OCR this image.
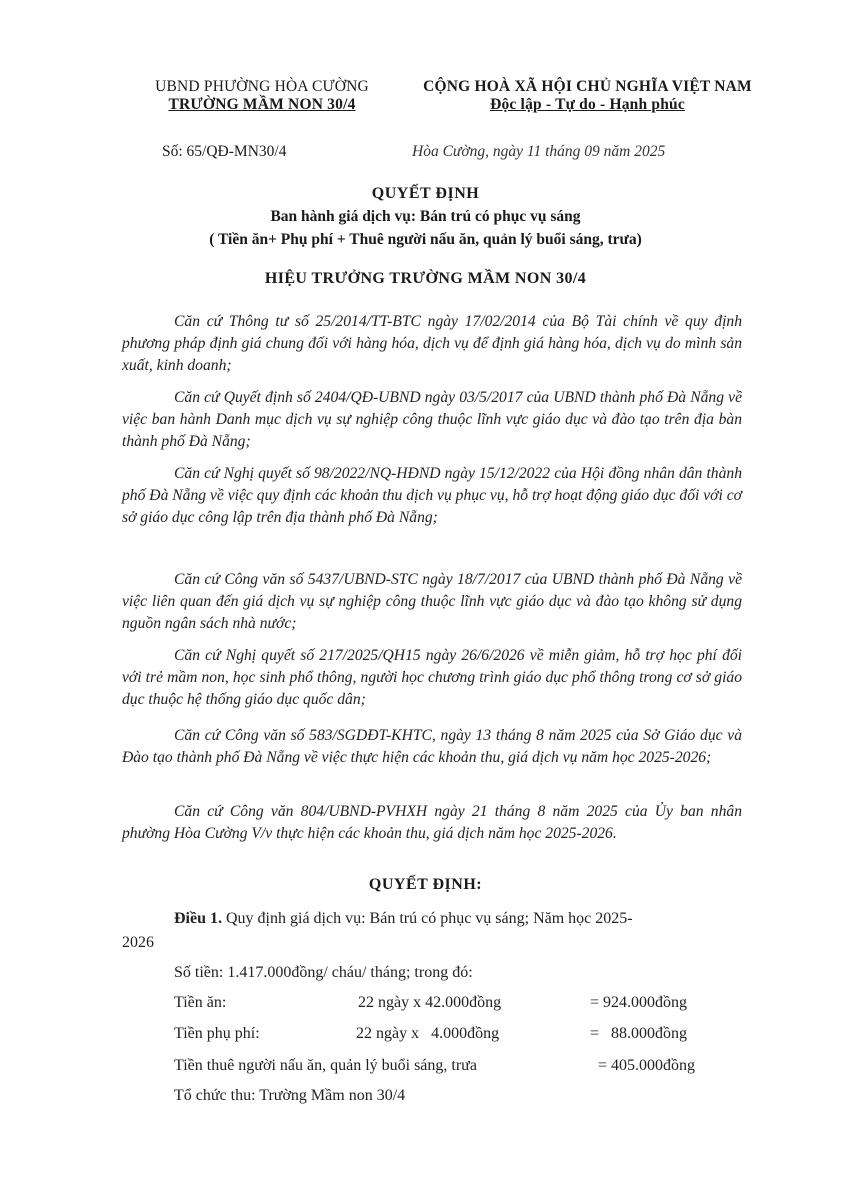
UBND PHƯỜNG HÒA CƯỜNG
TRƯỜNG MẦM NON 30/4
CỘNG HOÀ XÃ HỘI CHỦ NGHĨA VIỆT NAM
Độc lập - Tự do - Hạnh phúc
Số: 65/QĐ-MN30/4	Hòa Cường, ngày 11 tháng 09 năm 2025
QUYẾT ĐỊNH
Ban hành giá dịch vụ: Bán trú có phục vụ sáng
( Tiền ăn+ Phụ phí + Thuê người nấu ăn, quản lý buổi sáng, trưa)
HIỆU TRƯỞNG TRƯỜNG MẦM NON 30/4
Căn cứ Thông tư số 25/2014/TT-BTC ngày 17/02/2014 của Bộ Tài chính về quy định phương pháp định giá chung đối với hàng hóa, dịch vụ để định giá hàng hóa, dịch vụ do mình sản xuất, kinh doanh;
Căn cứ Quyết định số 2404/QĐ-UBND ngày 03/5/2017 của UBND thành phố Đà Nẵng về việc ban hành Danh mục dịch vụ sự nghiệp công thuộc lĩnh vực giáo dục và đào tạo trên địa bàn thành phố Đà Nẵng;
Căn cứ Nghị quyết số 98/2022/NQ-HĐND ngày 15/12/2022 của Hội đồng nhân dân thành phố Đà Nẵng về việc quy định các khoản thu dịch vụ phục vụ, hỗ trợ hoạt động giáo dục đối với cơ sở giáo dục công lập trên địa thành phố Đà Nẵng;
Căn cứ Công văn số 5437/UBND-STC ngày 18/7/2017 của UBND thành phố Đà Nẵng về việc liên quan đến giá dịch vụ sự nghiệp công thuộc lĩnh vực giáo dục và đào tạo không sử dụng nguồn ngân sách nhà nước;
Căn cứ Nghị quyết số 217/2025/QH15 ngày 26/6/2026 về miễn giảm, hỗ trợ học phí đối với trẻ mầm non, học sinh phổ thông, người học chương trình giáo dục phổ thông trong cơ sở giáo dục thuộc hệ thống giáo dục quốc dân;
Căn cứ Công văn số 583/SGDĐT-KHTC, ngày 13 tháng 8 năm 2025 của Sở Giáo dục và Đào tạo thành phố Đà Nẵng về việc thực hiện các khoản thu, giá dịch vụ năm học 2025-2026;
Căn cứ Công văn 804/UBND-PVHXH ngày 21 tháng 8 năm 2025 của Ủy ban nhân phường Hòa Cường V/v thực hiện các khoản thu, giá dịch năm học 2025-2026.
QUYẾT ĐỊNH:
Điều 1. Quy định giá dịch vụ: Bán trú có phục vụ sáng; Năm học 2025-
2026
Số tiền: 1.417.000đồng/ cháu/ tháng; trong đó:
Tiền ăn:	22 ngày x 42.000đồng	= 924.000đồng
Tiền phụ phí:	22 ngày x   4.000đồng	=   88.000đồng
Tiền thuê người nấu ăn, quản lý buổi sáng, trưa	= 405.000đồng
Tổ chức thu: Trường Mầm non 30/4
